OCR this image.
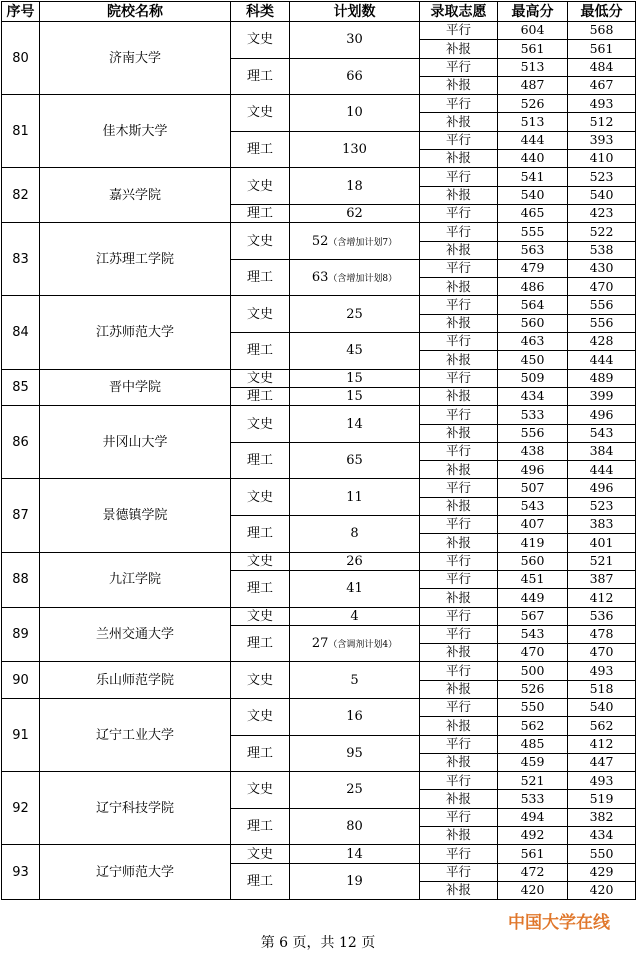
序号	院校名称	科类	计划数	录取志愿	最高分	最低分
80	济南大学	文史	30	平行	604	568
				补报	561	561
		理工	66	平行	513	484
				补报	487	467
81	佳木斯大学	文史	10	平行	526	493
				补报	513	512
		理工	130	平行	444	393
				补报	440	410
82	嘉兴学院	文史	18	平行	541	523
				补报	540	540
		理工	62	平行	465	423
83	江苏理工学院	文史	52（含增加计划7）	平行	555	522
				补报	563	538
		理工	63（含增加计划8）	平行	479	430
				补报	486	470
84	江苏师范大学	文史	25	平行	564	556
				补报	560	556
		理工	45	平行	463	428
				补报	450	444
85	晋中学院	文史	15	平行	509	489
		理工	15	补报	434	399
86	井冈山大学	文史	14	平行	533	496
				补报	556	543
		理工	65	平行	438	384
				补报	496	444
87	景德镇学院	文史	11	平行	507	496
				补报	543	523
		理工	8	平行	407	383
				补报	419	401
88	九江学院	文史	26	平行	560	521
		理工	41	平行	451	387
				补报	449	412
89	兰州交通大学	文史	4	平行	567	536
		理工	27（含调剂计划4）	平行	543	478
				补报	470	470
90	乐山师范学院	文史	5	平行	500	493
				补报	526	518
91	辽宁工业大学	文史	16	平行	550	540
				补报	562	562
		理工	95	平行	485	412
				补报	459	447
92	辽宁科技学院	文史	25	平行	521	493
				补报	533	519
		理工	80	平行	494	382
				补报	492	434
93	辽宁师范大学	文史	14	平行	561	550
		理工	19	平行	472	429
				补报	420	420
中国大学在线
第 6 页，共 12 页
